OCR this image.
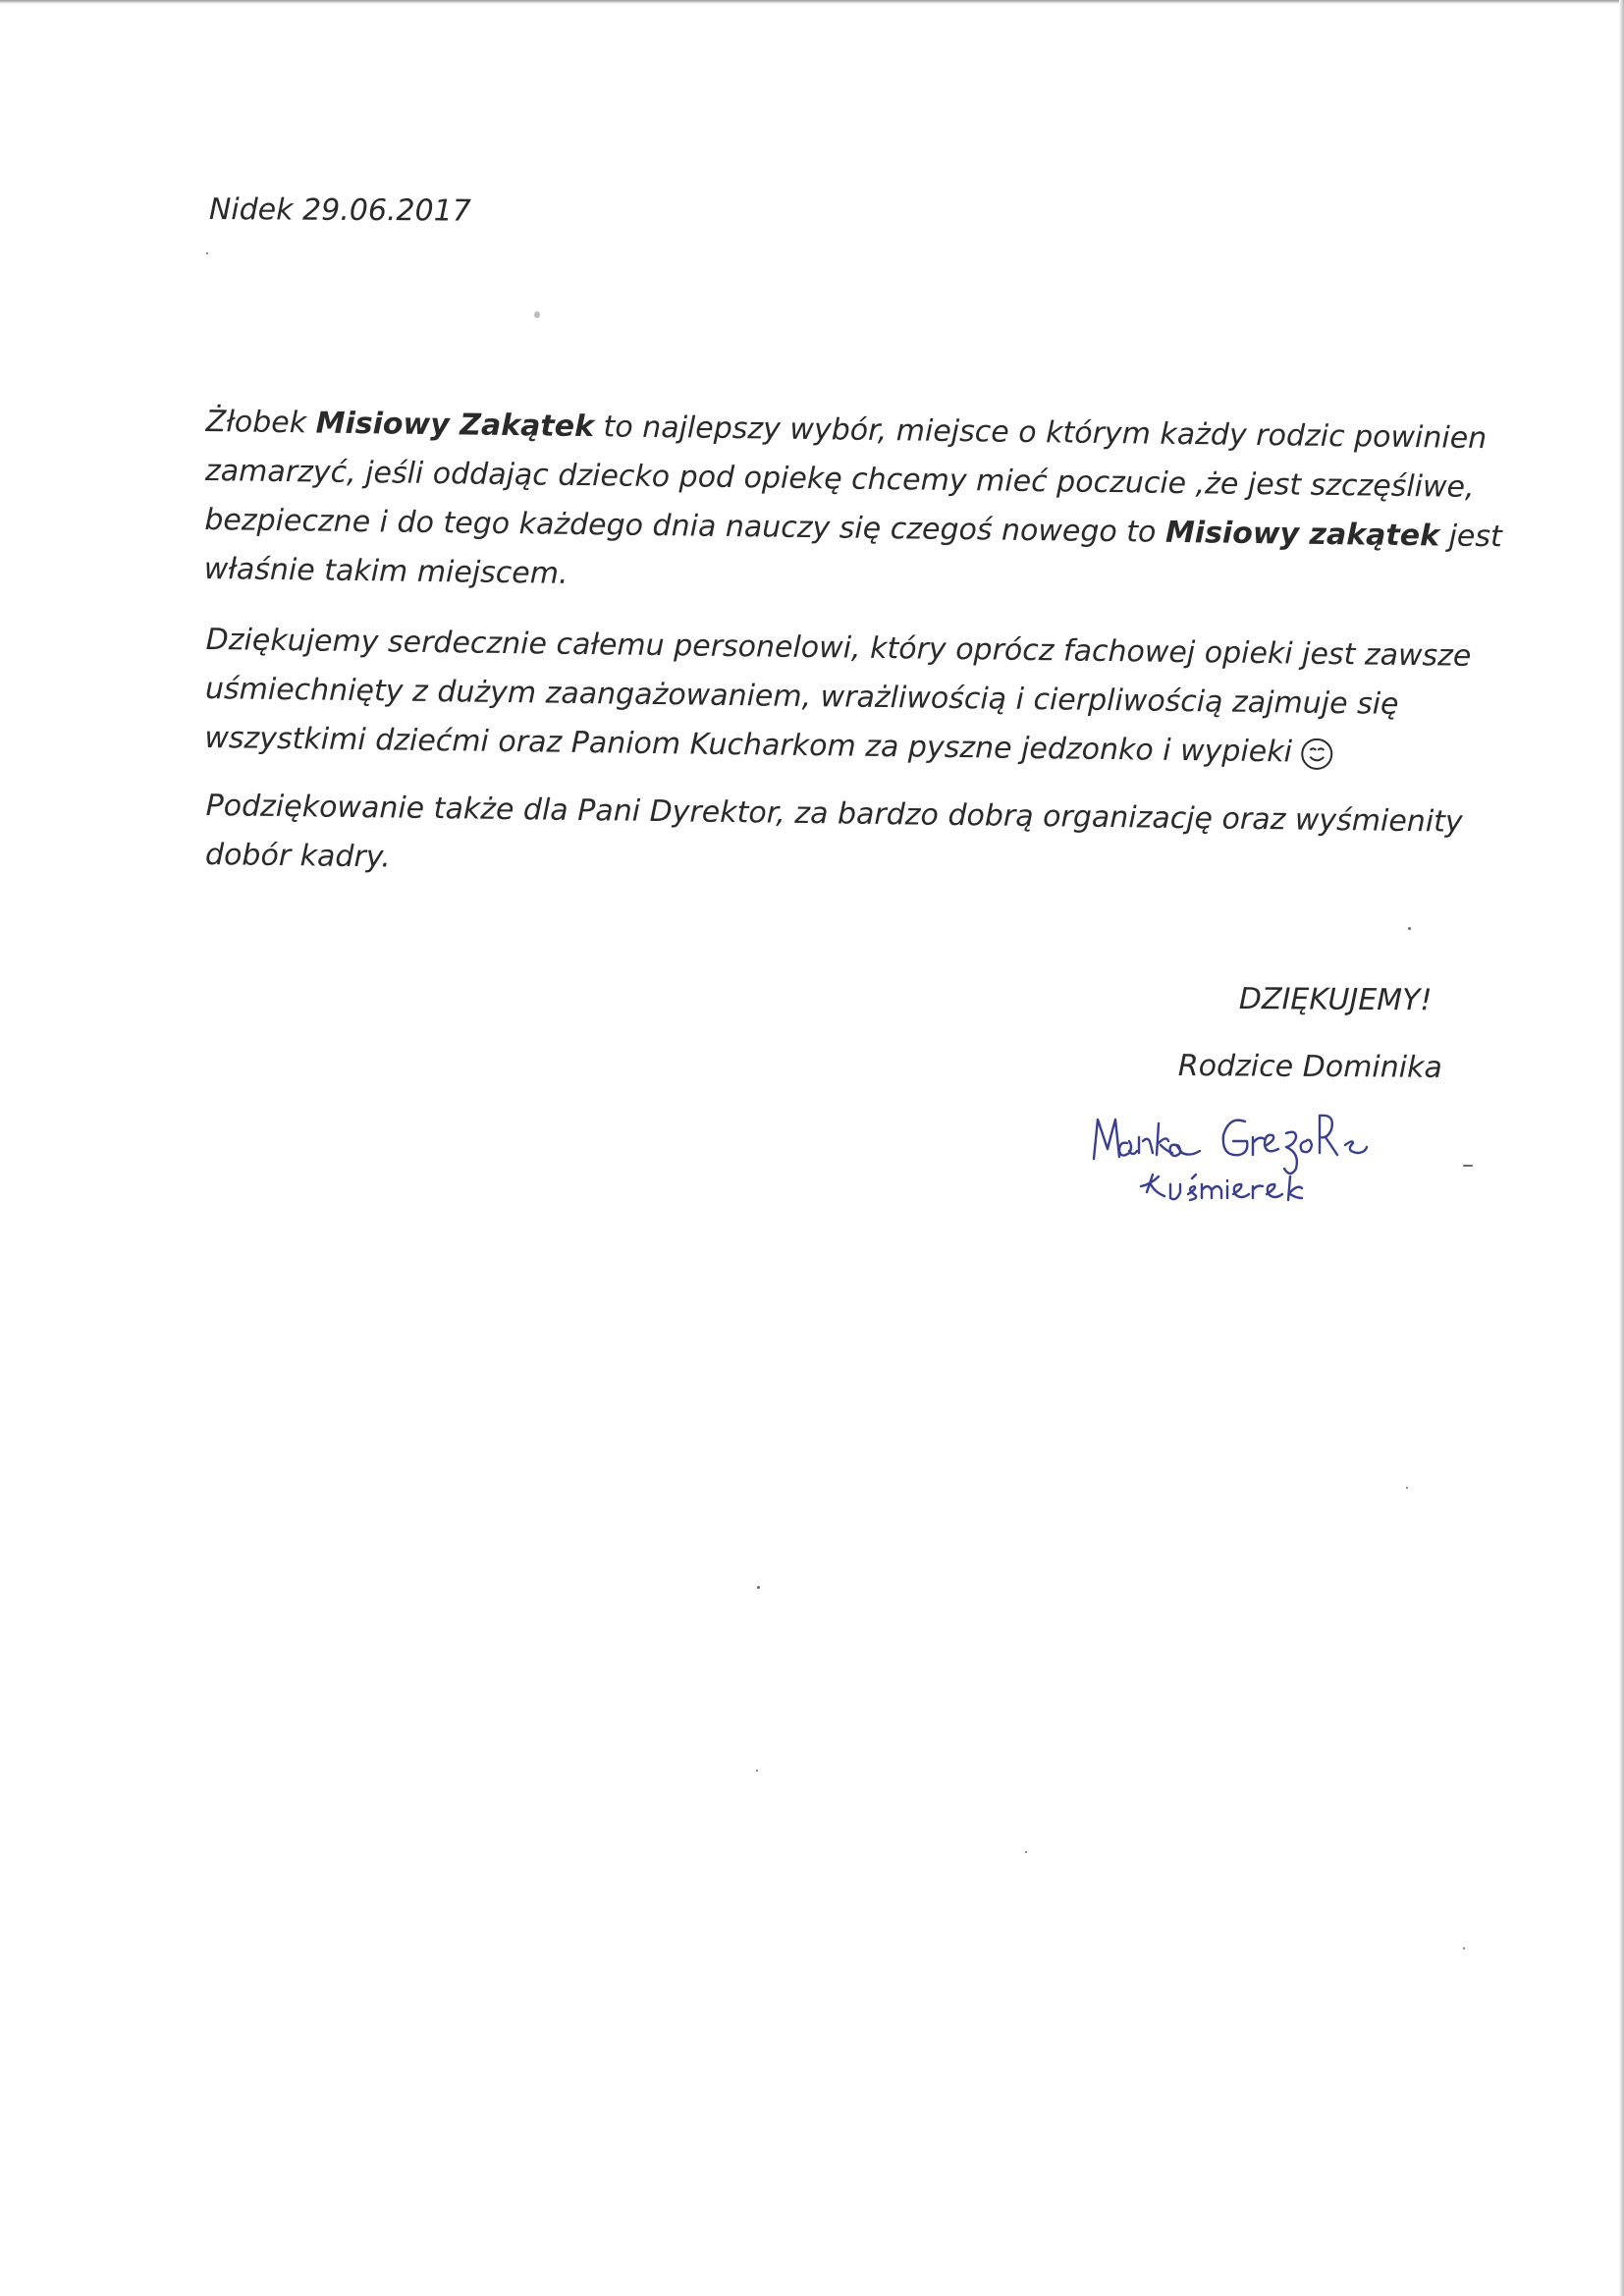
Nidek 29.06.2017
Żłobek Misiowy Zakątek to najlepszy wybór, miejsce o którym każdy rodzic powinien
zamarzyć, jeśli oddając dziecko pod opiekę chcemy mieć poczucie ,że jest szczęśliwe,
bezpieczne i do tego każdego dnia nauczy się czegoś nowego to Misiowy zakątek jest
właśnie takim miejscem.
Dziękujemy serdecznie całemu personelowi, który oprócz fachowej opieki jest zawsze
uśmiechnięty z dużym zaangażowaniem, wrażliwością i cierpliwością zajmuje się
wszystkimi dziećmi oraz Paniom Kucharkom za pyszne jedzonko i wypieki
Podziękowanie także dla Pani Dyrektor, za bardzo dobrą organizację oraz wyśmienity
dobór kadry.
DZIĘKUJEMY!
Rodzice Dominika
